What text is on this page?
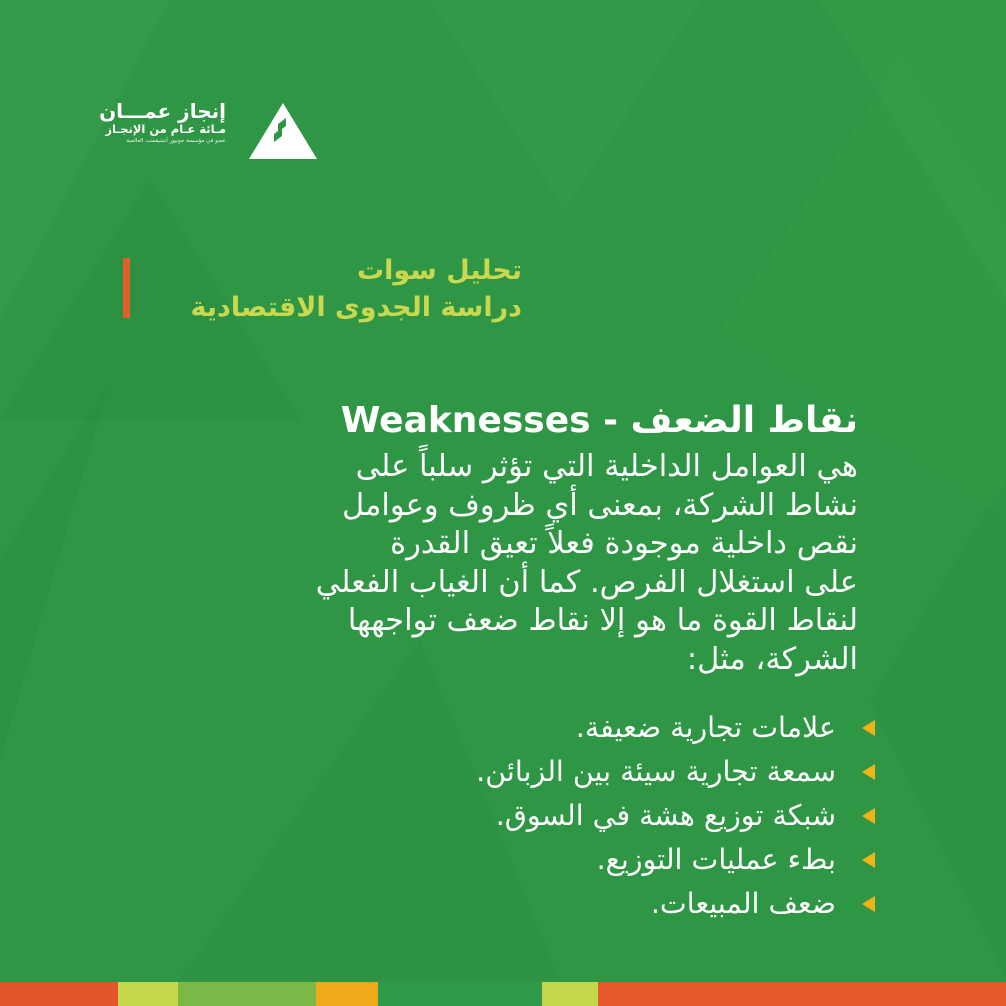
إنجاز عمـــان
مـائة عـام من الإنجـاز
عضو في مؤسسة جونيور أتشيفمنت العالمية
تحليل سوات
دراسة الجدوى الاقتصادية
نقاط الضعف - Weaknesses
هي العوامل الداخلية التي تؤثر سلباً على
نشاط الشركة، بمعنى أي ظروف وعوامل
نقص داخلية موجودة فعلاً تعيق القدرة
على استغلال الفرص. كما أن الغياب الفعلي
لنقاط القوة ما هو إلا نقاط ضعف تواجهها
الشركة، مثل:
علامات تجارية ضعيفة.
سمعة تجارية سيئة بين الزبائن.
شبكة توزيع هشة في السوق.
بطء عمليات التوزيع.
ضعف المبيعات.
